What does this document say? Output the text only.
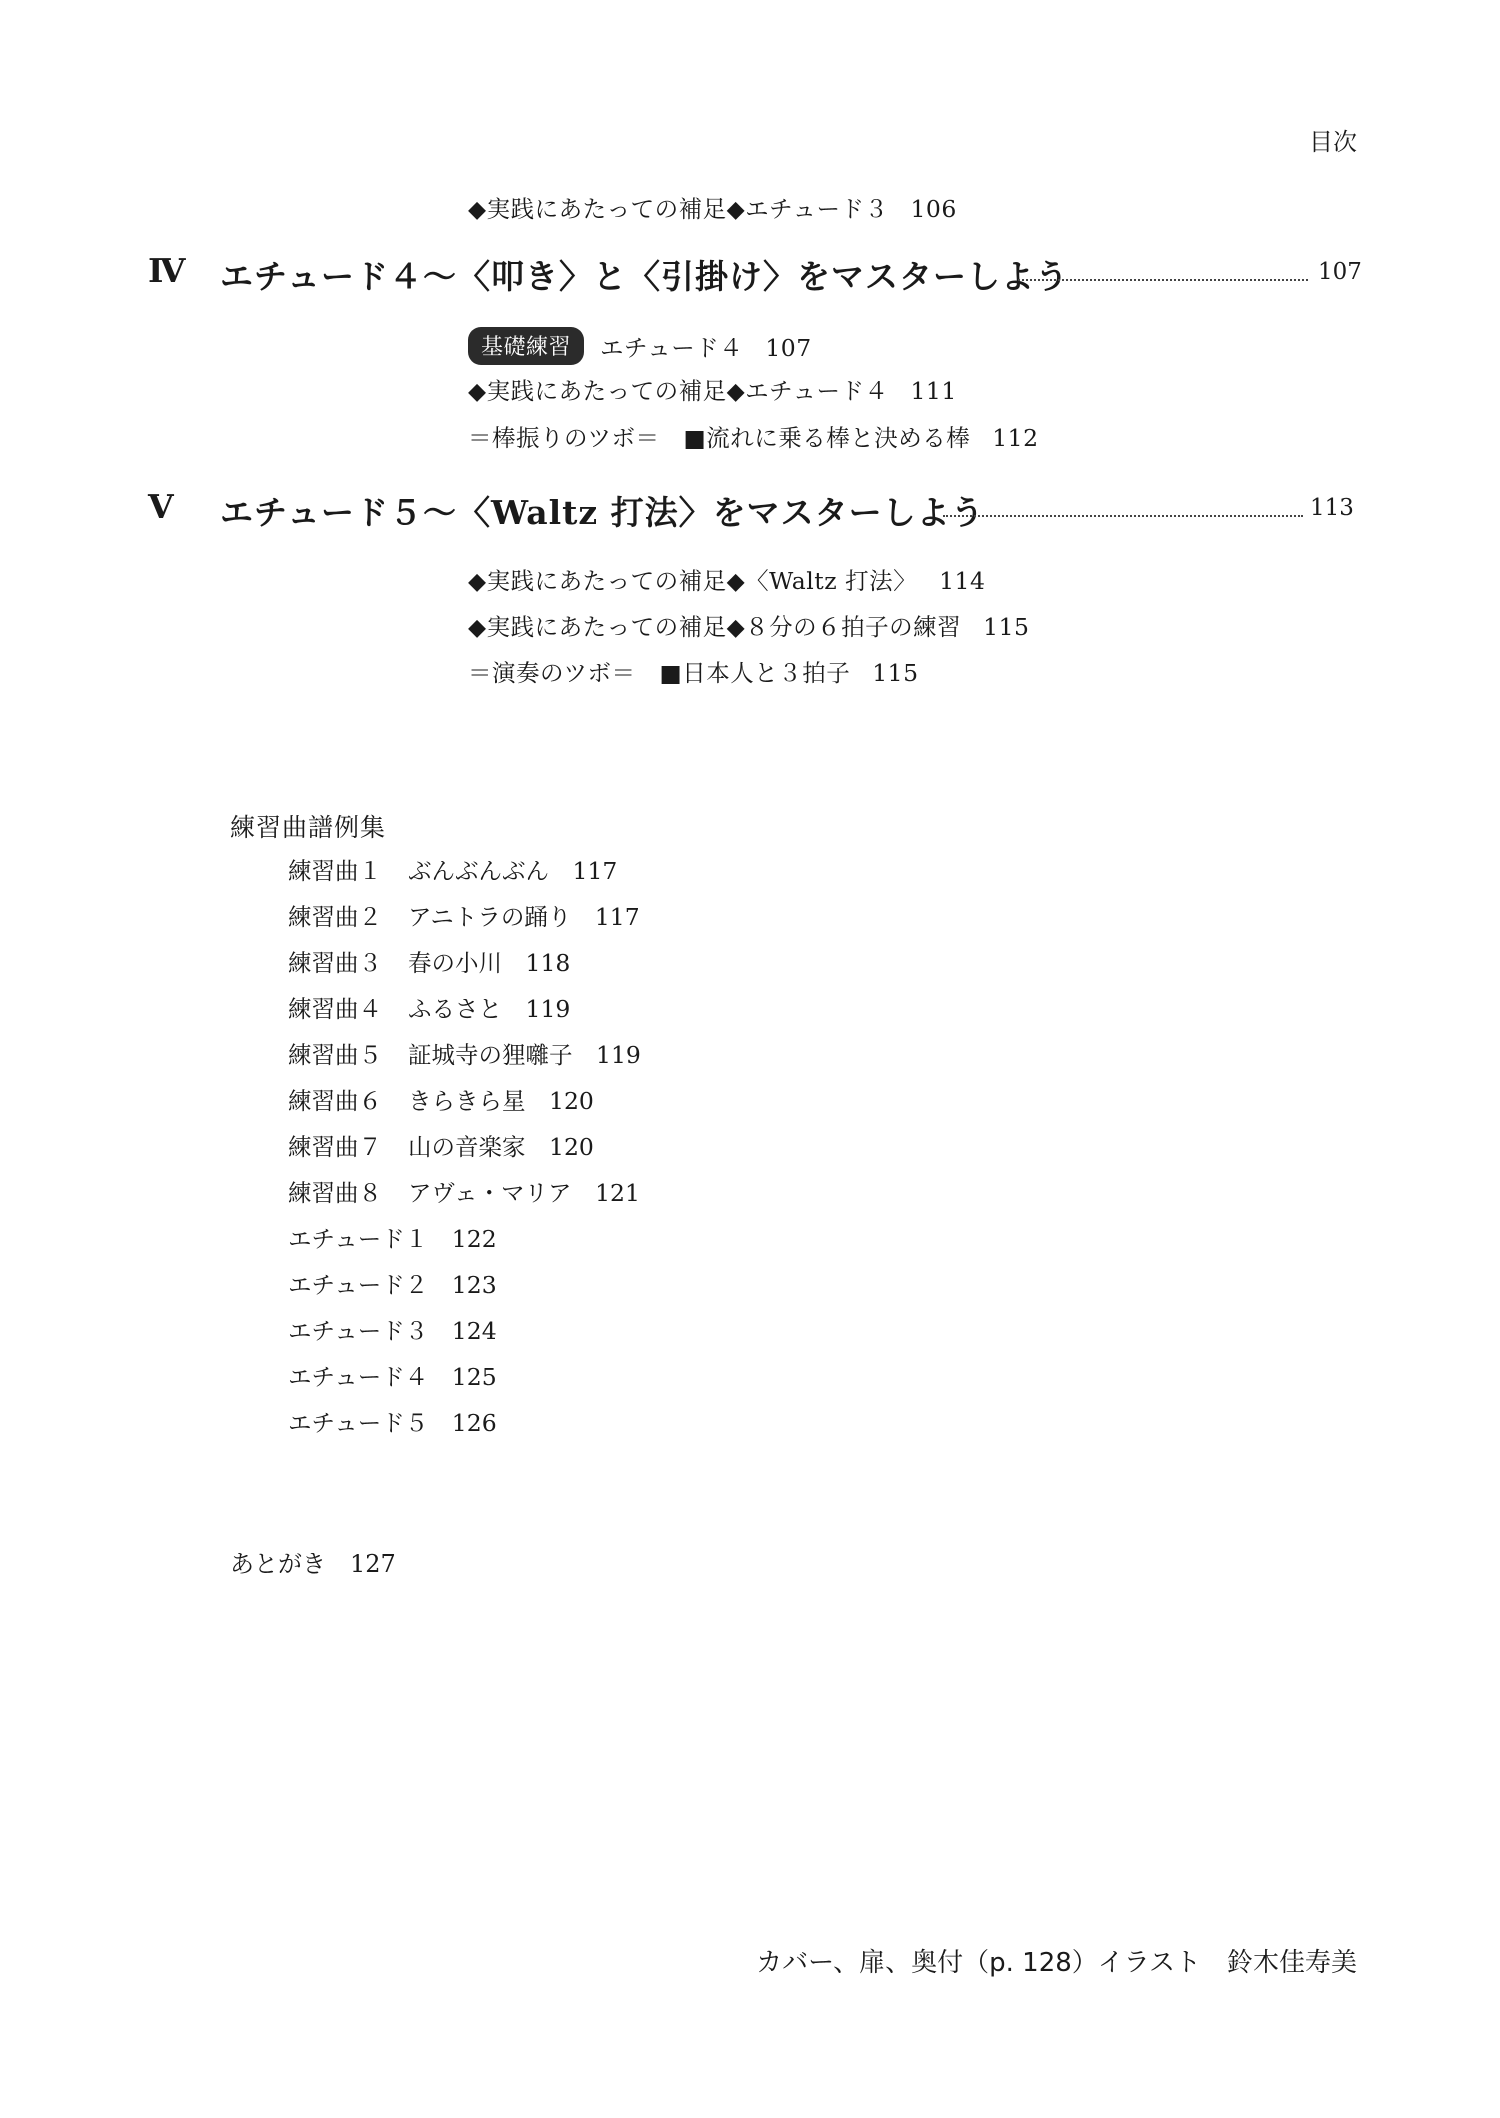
目次
◆実践にあたっての補足◆エチュード３ 106
Ⅳ エチュード４〜〈叩き〉と〈引掛け〉をマスターしよう	107
基礎練習 エチュード４ 107
◆実践にあたっての補足◆エチュード４ 111
＝棒振りのツボ＝　■流れに乗る棒と決める棒 112
Ⅴ エチュード５〜〈Waltz 打法〉をマスターしよう	113
◆実践にあたっての補足◆〈Waltz 打法〉 114
◆実践にあたっての補足◆８分の６拍子の練習 115
＝演奏のツボ＝　■日本人と３拍子 115
練習曲譜例集
練習曲１ ぶんぶんぶん　 117
練習曲２ アニトラの踊り　 117
練習曲３ 春の小川　 118
練習曲４ ふるさと　 119
練習曲５ 証城寺の狸囃子　 119
練習曲６ きらきら星　 120
練習曲７ 山の音楽家　 120
練習曲８ アヴェ・マリア　 121
エチュード１　 122
エチュード２　 123
エチュード３　 124
エチュード４　 125
エチュード５　 126
あとがき　 127
カバー、扉、奥付（p. 128）イラスト　鈴木佳寿美
